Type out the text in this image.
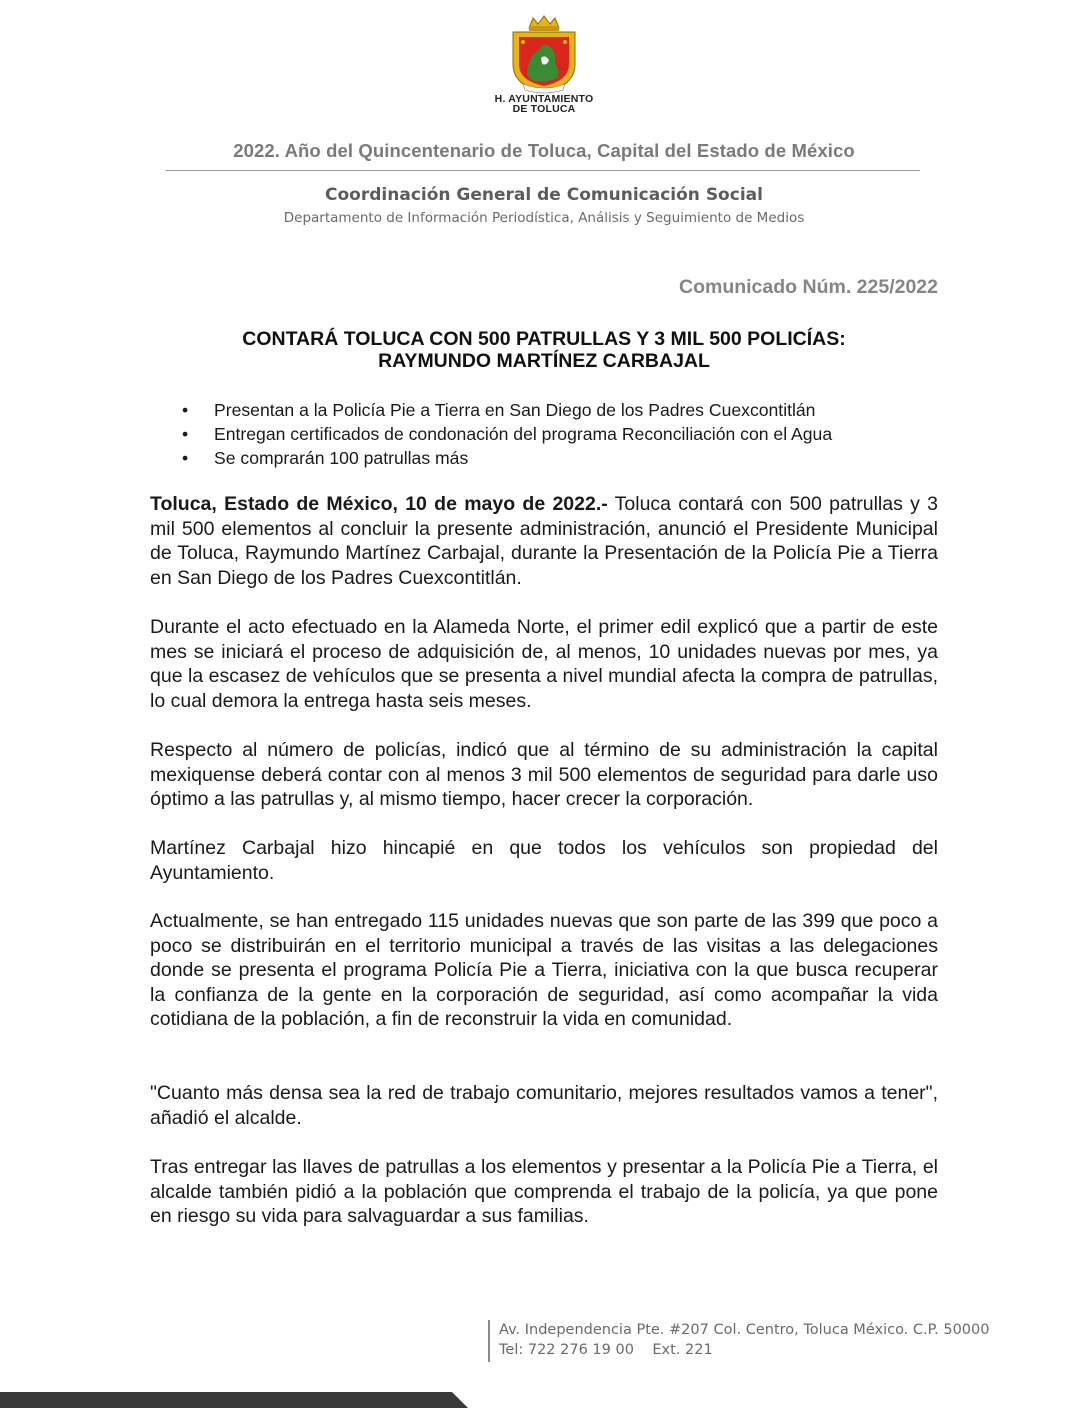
H. AYUNTAMIENTO
DE TOLUCA
2022. Año del Quincentenario de Toluca, Capital del Estado de México
Coordinación General de Comunicación Social
Departamento de Información Periodística, Análisis y Seguimiento de Medios
Comunicado Núm. 225/2022
CONTARÁ TOLUCA CON 500 PATRULLAS Y 3 MIL 500 POLICÍAS:
RAYMUNDO MARTÍNEZ CARBAJAL
• Presentan a la Policía Pie a Tierra en San Diego de los Padres Cuexcontitlán
• Entregan certificados de condonación del programa Reconciliación con el Agua
• Se comprarán 100 patrullas más

Toluca, Estado de México, 10 de mayo de 2022.- Toluca contará con 500 patrullas y 3 mil 500 elementos al concluir la presente administración, anunció el Presidente Municipal de Toluca, Raymundo Martínez Carbajal, durante la Presentación de la Policía Pie a Tierra en San Diego de los Padres Cuexcontitlán.

Durante el acto efectuado en la Alameda Norte, el primer edil explicó que a partir de este mes se iniciará el proceso de adquisición de, al menos, 10 unidades nuevas por mes, ya que la escasez de vehículos que se presenta a nivel mundial afecta la compra de patrullas, lo cual demora la entrega hasta seis meses.

Respecto al número de policías, indicó que al término de su administración la capital mexiquense deberá contar con al menos 3 mil 500 elementos de seguridad para darle uso óptimo a las patrullas y, al mismo tiempo, hacer crecer la corporación.

Martínez Carbajal hizo hincapié en que todos los vehículos son propiedad del Ayuntamiento.

Actualmente, se han entregado 115 unidades nuevas que son parte de las 399 que poco a poco se distribuirán en el territorio municipal a través de las visitas a las delegaciones donde se presenta el programa Policía Pie a Tierra, iniciativa con la que busca recuperar la confianza de la gente en la corporación de seguridad, así como acompañar la vida cotidiana de la población, a fin de reconstruir la vida en comunidad.

"Cuanto más densa sea la red de trabajo comunitario, mejores resultados vamos a tener", añadió el alcalde.

Tras entregar las llaves de patrullas a los elementos y presentar a la Policía Pie a Tierra, el alcalde también pidió a la población que comprenda el trabajo de la policía, ya que pone en riesgo su vida para salvaguardar a sus familias.

Av. Independencia Pte. #207 Col. Centro, Toluca México. C.P. 50000
Tel: 722 276 19 00 Ext. 221
